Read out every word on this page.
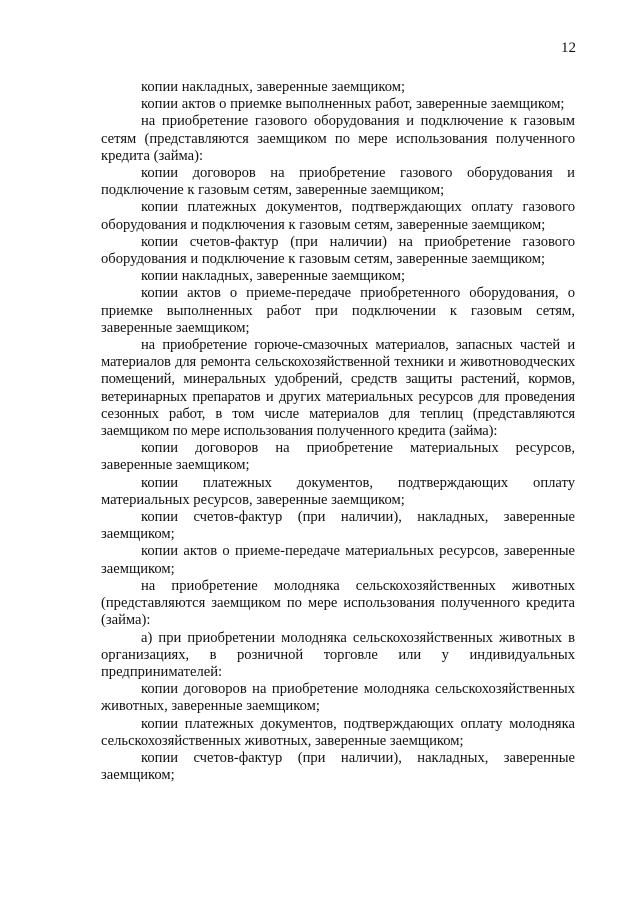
12

копии накладных, заверенные заемщиком;

копии актов о приемке выполненных работ, заверенные заемщиком;

на приобретение газового оборудования и подключение к газовым сетям (представляются заемщиком по мере использования полученного кредита (займа):

копии договоров на приобретение газового оборудования и подключение к газовым сетям, заверенные заемщиком;

копии платежных документов, подтверждающих оплату газового оборудования и подключения к газовым сетям, заверенные заемщиком;

копии счетов-фактур (при наличии) на приобретение газового оборудования и подключение к газовым сетям, заверенные заемщиком;

копии накладных, заверенные заемщиком;

копии актов о приеме-передаче приобретенного оборудования, о приемке выполненных работ при подключении к газовым сетям, заверенные заемщиком;

на приобретение горюче-смазочных материалов, запасных частей и материалов для ремонта сельскохозяйственной техники и животноводческих помещений, минеральных удобрений, средств защиты растений, кормов, ветеринарных препаратов и других материальных ресурсов для проведения сезонных работ, в том числе материалов для теплиц (представляются заемщиком по мере использования полученного кредита (займа):

копии договоров на приобретение материальных ресурсов, заверенные заемщиком;

копии платежных документов, подтверждающих оплату материальных ресурсов, заверенные заемщиком;

копии счетов-фактур (при наличии), накладных, заверенные заемщиком;

копии актов о приеме-передаче материальных ресурсов, заверенные заемщиком;

на приобретение молодняка сельскохозяйственных животных (представляются заемщиком по мере использования полученного кредита (займа):

а) при приобретении молодняка сельскохозяйственных животных в организациях, в розничной торговле или у индивидуальных предпринимателей:

копии договоров на приобретение молодняка сельскохозяйственных животных, заверенные заемщиком;

копии платежных документов, подтверждающих оплату молодняка сельскохозяйственных животных, заверенные заемщиком;

копии счетов-фактур (при наличии), накладных, заверенные заемщиком;
